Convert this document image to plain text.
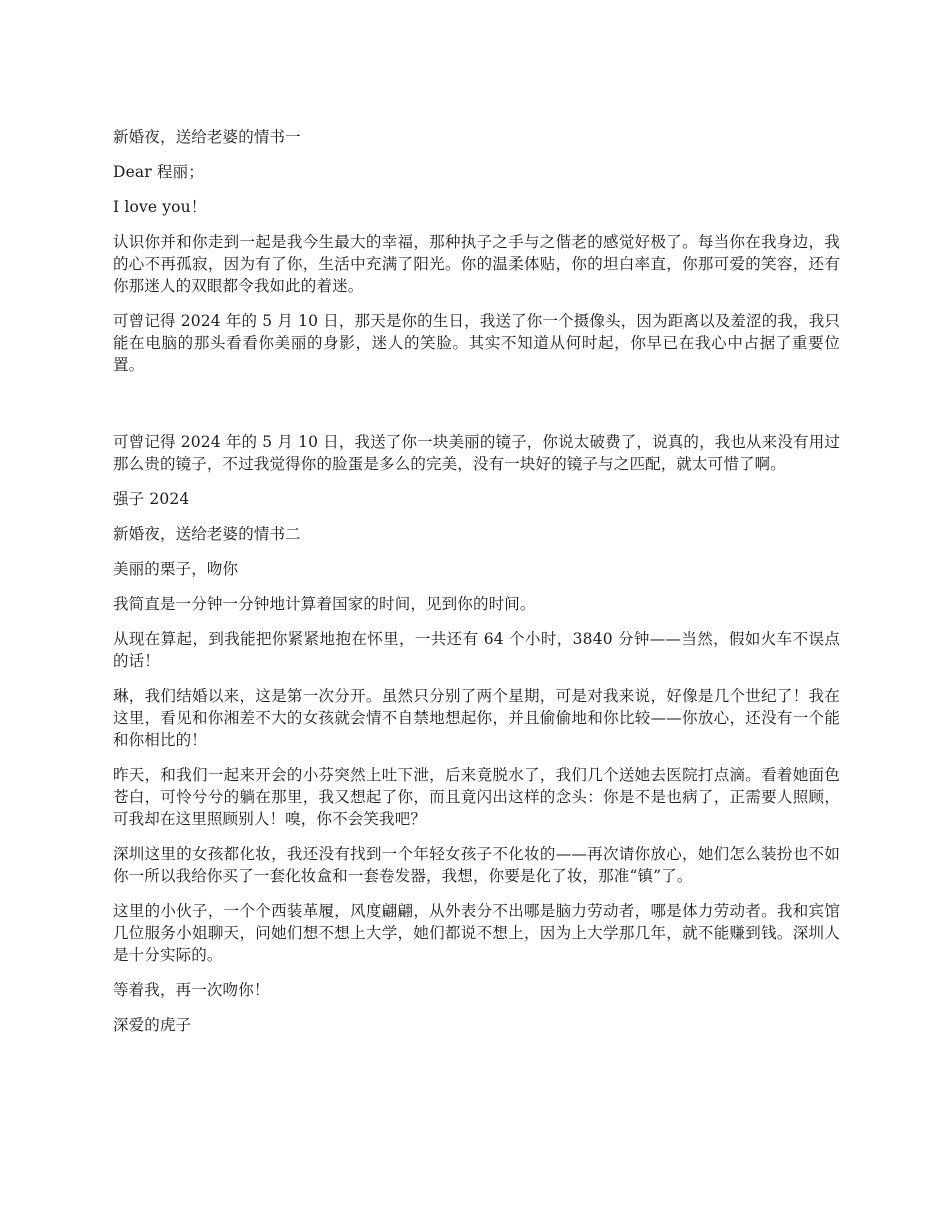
新婚夜，送给老婆的情书一

Dear 程丽；

I love you！

认识你并和你走到一起是我今生最大的幸福，那种执子之手与之偕老的感觉好极了。每当你在我身边，我的心不再孤寂，因为有了你，生活中充满了阳光。你的温柔体贴，你的坦白率直，你那可爱的笑容，还有你那迷人的双眼都令我如此的着迷。

可曾记得 2024 年的 5 月 10 日，那天是你的生日，我送了你一个摄像头，因为距离以及羞涩的我，我只能在电脑的那头看看你美丽的身影，迷人的笑脸。其实不知道从何时起，你早已在我心中占据了重要位置。

可曾记得 2024 年的 5 月 10 日，我送了你一块美丽的镜子，你说太破费了，说真的，我也从来没有用过那么贵的镜子，不过我觉得你的脸蛋是多么的完美，没有一块好的镜子与之匹配，就太可惜了啊。

强子 2024

新婚夜，送给老婆的情书二

美丽的栗子，吻你

我简直是一分钟一分钟地计算着国家的时间，见到你的时间。

从现在算起，到我能把你紧紧地抱在怀里，一共还有 64 个小时，3840 分钟——当然，假如火车不误点的话！

琳，我们结婚以来，这是第一次分开。虽然只分别了两个星期，可是对我来说，好像是几个世纪了！我在这里，看见和你湘差不大的女孩就会情不自禁地想起你，并且偷偷地和你比较——你放心，还没有一个能和你相比的！

昨天，和我们一起来开会的小芬突然上吐下泄，后来竟脱水了，我们几个送她去医院打点滴。看着她面色苍白，可怜兮兮的躺在那里，我又想起了你，而且竟闪出这样的念头：你是不是也病了，正需要人照顾，可我却在这里照顾别人！嗅，你不会笑我吧？

深圳这里的女孩都化妆，我还没有找到一个年轻女孩子不化妆的——再次请你放心，她们怎么装扮也不如你一所以我给你买了一套化妆盒和一套卷发器，我想，你要是化了妆，那准“镇”了。

这里的小伙子，一个个西装革履，风度翩翩，从外表分不出哪是脑力劳动者，哪是体力劳动者。我和宾馆几位服务小姐聊天，问她们想不想上大学，她们都说不想上，因为上大学那几年，就不能赚到钱。深圳人是十分实际的。

等着我，再一次吻你！

深爱的虎子
